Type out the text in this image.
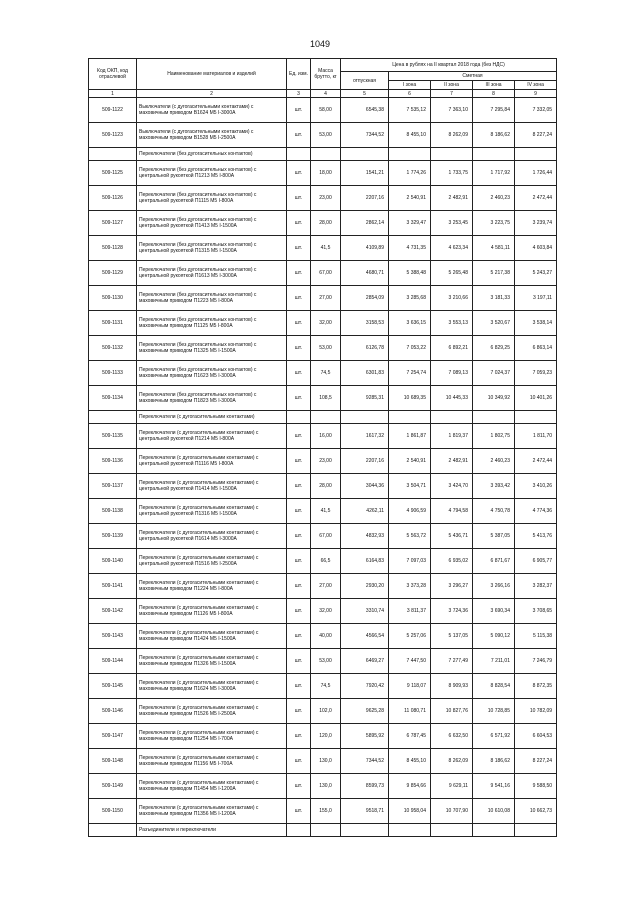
1049
Код ОКП, код отраслевой	Наименование материалов и изделий	Ед. изм.	Масса брутто, кг	Цена в рублях на II квартал 2018 года (без НДС)				
				отпускная	Сметная			
					I зона	II зона	III зона	IV зона
1	2	3	4	5	6	7	8	9
509-1122	Выключатели (с дугогасительными контактами) с маховичным приводом В1624 М5 I-3000А	шт.	58,00	6545,38	7 535,12	7 363,10	7 295,84	7 332,05
509-1123	Выключатели (с дугогасительными контактами) с маховичным приводом В1528 М5 I-2500А	шт.	53,00	7344,52	8 455,10	8 262,09	8 186,62	8 227,24
	Переключатели (без дугогасительных контактов)							
509-1125	Переключатели (без дугогасительных контактов) с центральной рукояткой П1213 М5 I-800А	шт.	18,00	1541,21	1 774,26	1 733,75	1 717,92	1 726,44
509-1126	Переключатели (без дугогасительных контактов) с центральной рукояткой П1115 М5 I-800А	шт.	23,00	2207,16	2 540,91	2 482,91	2 460,23	2 472,44
509-1127	Переключатели (без дугогасительных контактов) с центральной рукояткой П1413 М5 I-1500А	шт.	28,00	2862,14	3 329,47	3 253,45	3 223,75	3 239,74
509-1128	Переключатели (без дугогасительных контактов) с центральной рукояткой П1315 М5 I-1500А	шт.	41,5	4109,89	4 731,35	4 623,34	4 581,11	4 603,84
509-1129	Переключатели (без дугогасительных контактов) с центральной рукояткой П1613 М5 I-3000А	шт.	67,00	4680,71	5 388,48	5 265,48	5 217,38	5 243,27
509-1130	Переключатели (без дугогасительных контактов) с маховичным приводом П1223 М5 I-800А	шт.	27,00	2854,09	3 285,68	3 210,66	3 181,33	3 197,11
509-1131	Переключатели (без дугогасительных контактов) с маховичным приводом П1125 М5 I-800А	шт.	32,00	3158,53	3 636,15	3 553,13	3 520,67	3 538,14
509-1132	Переключатели (без дугогасительных контактов) с маховичным приводом П1325 М5 I-1500А	шт.	53,00	6126,78	7 053,22	6 892,21	6 829,25	6 863,14
509-1133	Переключатели (без дугогасительных контактов) с маховичным приводом П1623 М5 I-3000А	шт.	74,5	6301,83	7 254,74	7 089,13	7 024,37	7 059,23
509-1134	Переключатели (без дугогасительных контактов) с маховичным приводом П1823 М5 I-3000А	шт.	108,5	9285,31	10 689,35	10 445,33	10 349,92	10 401,26
	Переключатели (с дугогасительными контактами)							
509-1135	Переключатели (с дугогасительными контактами) с центральной рукояткой П1214 М5 I-800А	шт.	16,00	1617,32	1 861,87	1 819,37	1 802,75	1 811,70
509-1136	Переключатели (с дугогасительными контактами) с центральной рукояткой П1116 М5 I-800А	шт.	23,00	2207,16	2 540,91	2 482,91	2 460,23	2 472,44
509-1137	Переключатели (с дугогасительными контактами) с центральной рукояткой П1414 М5 I-1500А	шт.	28,00	3044,36	3 504,71	3 424,70	3 393,42	3 410,26
509-1138	Переключатели (с дугогасительными контактами) с центральной рукояткой П1316 М5 I-1500А	шт.	41,5	4262,11	4 906,59	4 794,58	4 750,78	4 774,36
509-1139	Переключатели (с дугогасительными контактами) с центральной рукояткой П1614 М5 I-3000А	шт.	67,00	4832,93	5 563,72	5 436,71	5 387,05	5 413,76
509-1140	Переключатели (с дугогасительными контактами) с центральной рукояткой П1516 М5 I-2500А	шт.	66,5	6164,83	7 097,03	6 935,02	6 871,67	6 905,77
509-1141	Переключатели (с дугогасительными контактами) с маховичным приводом П1224 М5 I-800А	шт.	27,00	2930,20	3 373,28	3 296,27	3 266,16	3 282,37
509-1142	Переключатели (с дугогасительными контактами) с маховичным приводом П1126 М5 I-800А	шт.	32,00	3310,74	3 811,37	3 724,36	3 690,34	3 708,65
509-1143	Переключатели (с дугогасительными контактами) с маховичным приводом П1424 М5 I-1500А	шт.	40,00	4566,54	5 257,06	5 137,05	5 090,12	5 115,38
509-1144	Переключатели (с дугогасительными контактами) с маховичным приводом П1326 М5 I-1500А	шт.	53,00	6469,27	7 447,50	7 277,49	7 211,01	7 246,79
509-1145	Переключатели (с дугогасительными контактами) с маховичным приводом П1624 М5 I-3000А	шт.	74,5	7920,42	9 118,07	8 909,93	8 828,54	8 872,35
509-1146	Переключатели (с дугогасительными контактами) с маховичным приводом П1526 М5 I-2500А	шт.	102,0	9625,28	11 080,71	10 827,76	10 728,85	10 782,09
509-1147	Переключатели (с дугогасительными контактами) с маховичным приводом П1254 М5 I-700А	шт.	120,0	5895,92	6 787,45	6 632,50	6 571,92	6 604,53
509-1148	Переключатели (с дугогасительными контактами) с маховичным приводом П1156 М5 I-700А	шт.	130,0	7344,52	8 455,10	8 262,09	8 186,62	8 227,24
509-1149	Переключатели (с дугогасительными контактами) с маховичным приводом П1454 М5 I-1200А	шт.	130,0	8599,73	9 854,66	9 629,11	9 541,16	9 588,50
509-1150	Переключатели (с дугогасительными контактами) с маховичным приводом П1356 М5 I-1200А	шт.	155,0	9518,71	10 958,04	10 707,90	10 610,08	10 662,73
	Разъединители и переключатели							
